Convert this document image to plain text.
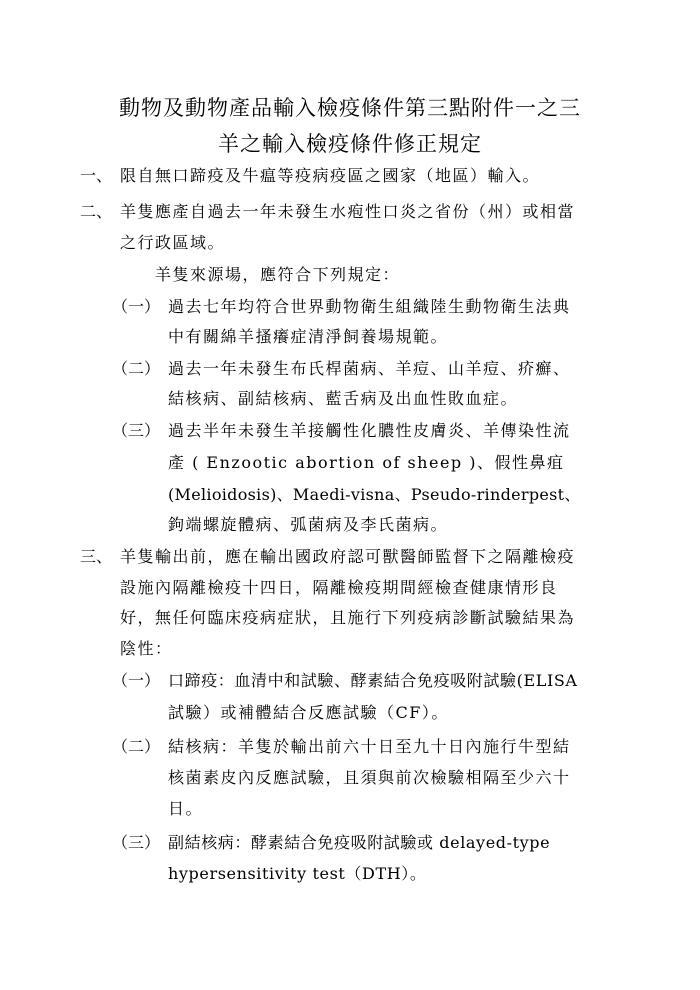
動物及動物產品輸入檢疫條件第三點附件一之三
羊之輸入檢疫條件修正規定
一、 限自無口蹄疫及牛瘟等疫病疫區之國家（地區）輸入。
二、 羊隻應產自過去一年未發生水疱性口炎之省份（州）或相當
之行政區域。
羊隻來源場，應符合下列規定：
（一） 過去七年均符合世界動物衛生組織陸生動物衛生法典
中有關綿羊搔癢症清淨飼養場規範。
（二） 過去一年未發生布氏桿菌病、羊痘、山羊痘、疥癬、
結核病、副結核病、藍舌病及出血性敗血症。
（三） 過去半年未發生羊接觸性化膿性皮膚炎、羊傳染性流
產 ( Enzootic abortion of sheep )、假性鼻疽
(Melioidosis)、Maedi-visna、Pseudo-rinderpest、
鉤端螺旋體病、弧菌病及李氏菌病。
三、 羊隻輸出前，應在輸出國政府認可獸醫師監督下之隔離檢疫
設施內隔離檢疫十四日，隔離檢疫期間經檢查健康情形良
好，無任何臨床疫病症狀，且施行下列疫病診斷試驗結果為
陰性：
（一） 口蹄疫：血清中和試驗、酵素結合免疫吸附試驗(ELISA
試驗）或補體結合反應試驗（CF）。
（二） 結核病：羊隻於輸出前六十日至九十日內施行牛型結
核菌素皮內反應試驗，且須與前次檢驗相隔至少六十
日。
（三） 副結核病：酵素結合免疫吸附試驗或 delayed-type
hypersensitivity test（DTH）。
